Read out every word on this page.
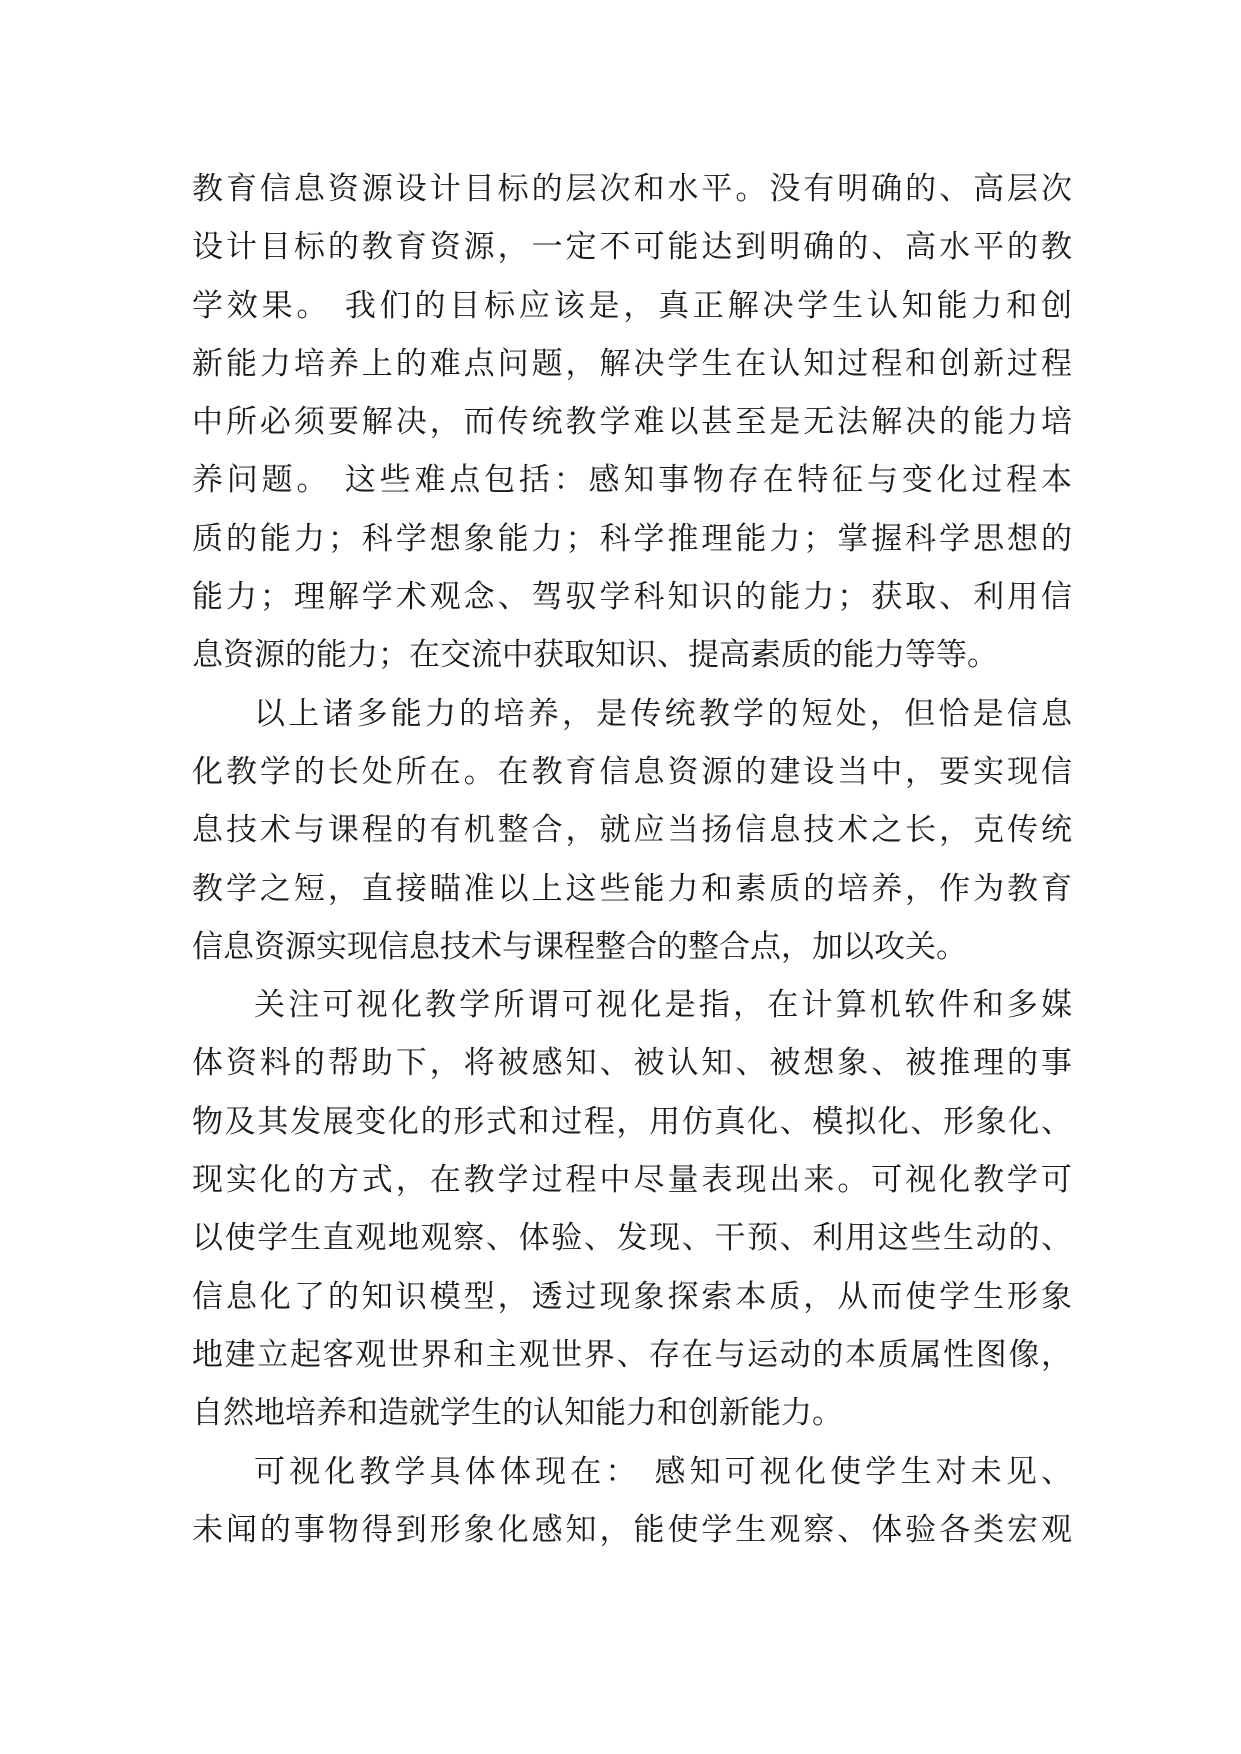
教育信息资源设计目标的层次和水平。没有明确的、高层次
设计目标的教育资源，一定不可能达到明确的、高水平的教
学效果。 我们的目标应该是，真正解决学生认知能力和创
新能力培养上的难点问题，解决学生在认知过程和创新过程
中所必须要解决，而传统教学难以甚至是无法解决的能力培
养问题。 这些难点包括：感知事物存在特征与变化过程本
质的能力；科学想象能力；科学推理能力；掌握科学思想的
能力；理解学术观念、驾驭学科知识的能力；获取、利用信
息资源的能力；在交流中获取知识、提高素质的能力等等。
以上诸多能力的培养，是传统教学的短处，但恰是信息
化教学的长处所在。在教育信息资源的建设当中，要实现信
息技术与课程的有机整合，就应当扬信息技术之长，克传统
教学之短，直接瞄准以上这些能力和素质的培养，作为教育
信息资源实现信息技术与课程整合的整合点，加以攻关。
关注可视化教学所谓可视化是指，在计算机软件和多媒
体资料的帮助下，将被感知、被认知、被想象、被推理的事
物及其发展变化的形式和过程，用仿真化、模拟化、形象化、
现实化的方式，在教学过程中尽量表现出来。可视化教学可
以使学生直观地观察、体验、发现、干预、利用这些生动的、
信息化了的知识模型，透过现象探索本质，从而使学生形象
地建立起客观世界和主观世界、存在与运动的本质属性图像，
自然地培养和造就学生的认知能力和创新能力。
可视化教学具体体现在： 感知可视化使学生对未见、
未闻的事物得到形象化感知，能使学生观察、体验各类宏观
